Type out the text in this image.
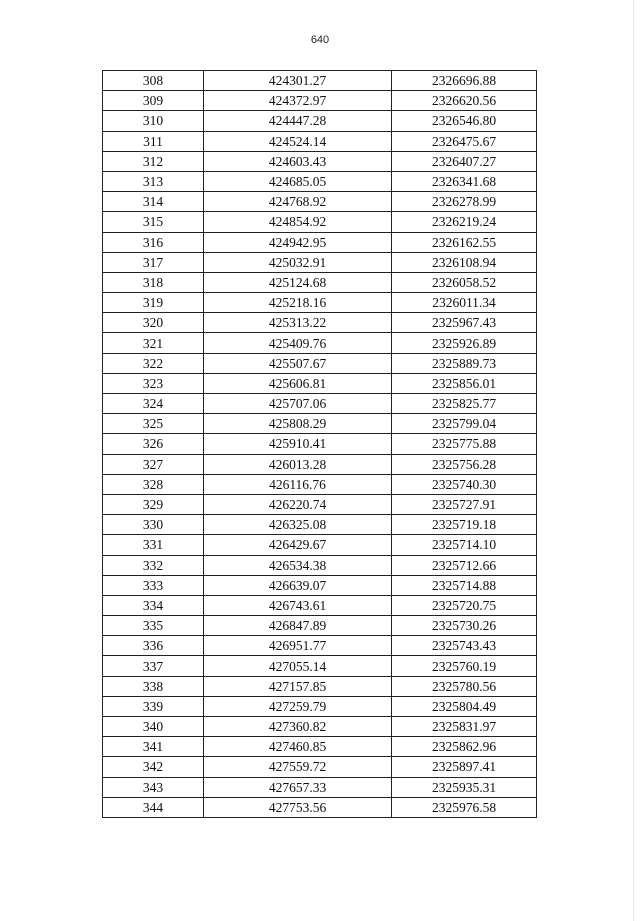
640
308	424301.27	2326696.88
309	424372.97	2326620.56
310	424447.28	2326546.80
311	424524.14	2326475.67
312	424603.43	2326407.27
313	424685.05	2326341.68
314	424768.92	2326278.99
315	424854.92	2326219.24
316	424942.95	2326162.55
317	425032.91	2326108.94
318	425124.68	2326058.52
319	425218.16	2326011.34
320	425313.22	2325967.43
321	425409.76	2325926.89
322	425507.67	2325889.73
323	425606.81	2325856.01
324	425707.06	2325825.77
325	425808.29	2325799.04
326	425910.41	2325775.88
327	426013.28	2325756.28
328	426116.76	2325740.30
329	426220.74	2325727.91
330	426325.08	2325719.18
331	426429.67	2325714.10
332	426534.38	2325712.66
333	426639.07	2325714.88
334	426743.61	2325720.75
335	426847.89	2325730.26
336	426951.77	2325743.43
337	427055.14	2325760.19
338	427157.85	2325780.56
339	427259.79	2325804.49
340	427360.82	2325831.97
341	427460.85	2325862.96
342	427559.72	2325897.41
343	427657.33	2325935.31
344	427753.56	2325976.58
